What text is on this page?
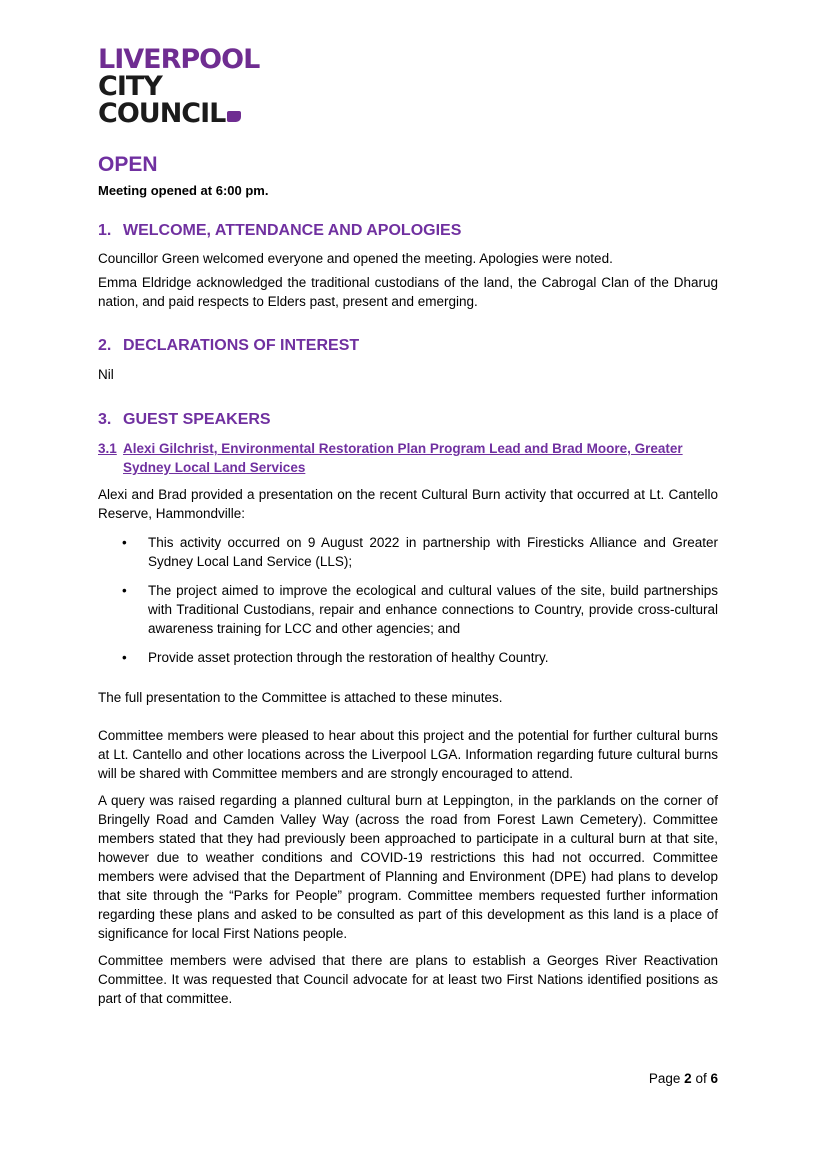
LIVERPOOL
CITY
COUNCIL
OPEN

Meeting opened at 6:00 pm.

1. WELCOME, ATTENDANCE AND APOLOGIES

Councillor Green welcomed everyone and opened the meeting. Apologies were noted.

Emma Eldridge acknowledged the traditional custodians of the land, the Cabrogal Clan of the Dharug nation, and paid respects to Elders past, present and emerging.

2. DECLARATIONS OF INTEREST

Nil

3. GUEST SPEAKERS
3.1 Alexi Gilchrist, Environmental Restoration Plan Program Lead and Brad Moore, Greater Sydney Local Land Services

Alexi and Brad provided a presentation on the recent Cultural Burn activity that occurred at Lt. Cantello Reserve, Hammondville:

• This activity occurred on 9 August 2022 in partnership with Firesticks Alliance and Greater Sydney Local Land Service (LLS);
• The project aimed to improve the ecological and cultural values of the site, build partnerships with Traditional Custodians, repair and enhance connections to Country, provide cross-cultural awareness training for LCC and other agencies; and
• Provide asset protection through the restoration of healthy Country.

The full presentation to the Committee is attached to these minutes.

Committee members were pleased to hear about this project and the potential for further cultural burns at Lt. Cantello and other locations across the Liverpool LGA. Information regarding future cultural burns will be shared with Committee members and are strongly encouraged to attend.

A query was raised regarding a planned cultural burn at Leppington, in the parklands on the corner of Bringelly Road and Camden Valley Way (across the road from Forest Lawn Cemetery). Committee members stated that they had previously been approached to participate in a cultural burn at that site, however due to weather conditions and COVID-19 restrictions this had not occurred. Committee members were advised that the Department of Planning and Environment (DPE) had plans to develop that site through the “Parks for People” program. Committee members requested further information regarding these plans and asked to be consulted as part of this development as this land is a place of significance for local First Nations people.

Committee members were advised that there are plans to establish a Georges River Reactivation Committee. It was requested that Council advocate for at least two First Nations identified positions as part of that committee.

Page 2 of 6
